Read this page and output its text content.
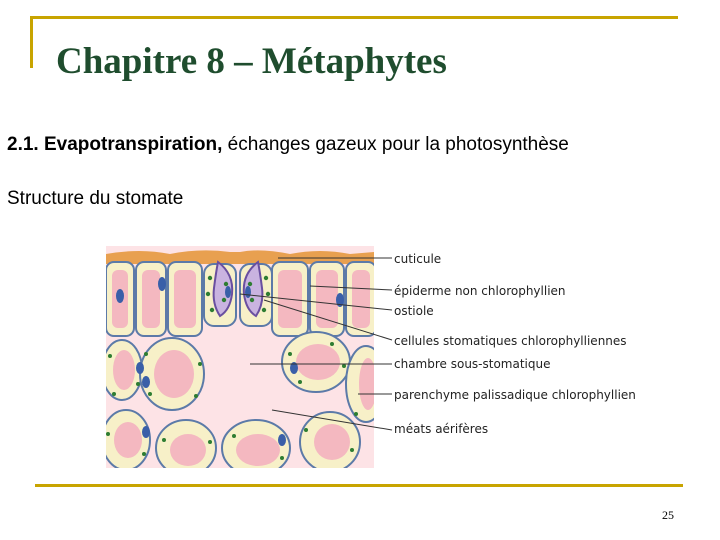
Chapitre 8 – Métaphytes
2.1. Evapotranspiration, échanges gazeux pour la photosynthèse
Structure du stomate
cuticule
épiderme non chlorophyllien
ostiole
cellules stomatiques chlorophylliennes
chambre sous-stomatique
parenchyme palissadique chlorophyllien
méats aérifères
25
